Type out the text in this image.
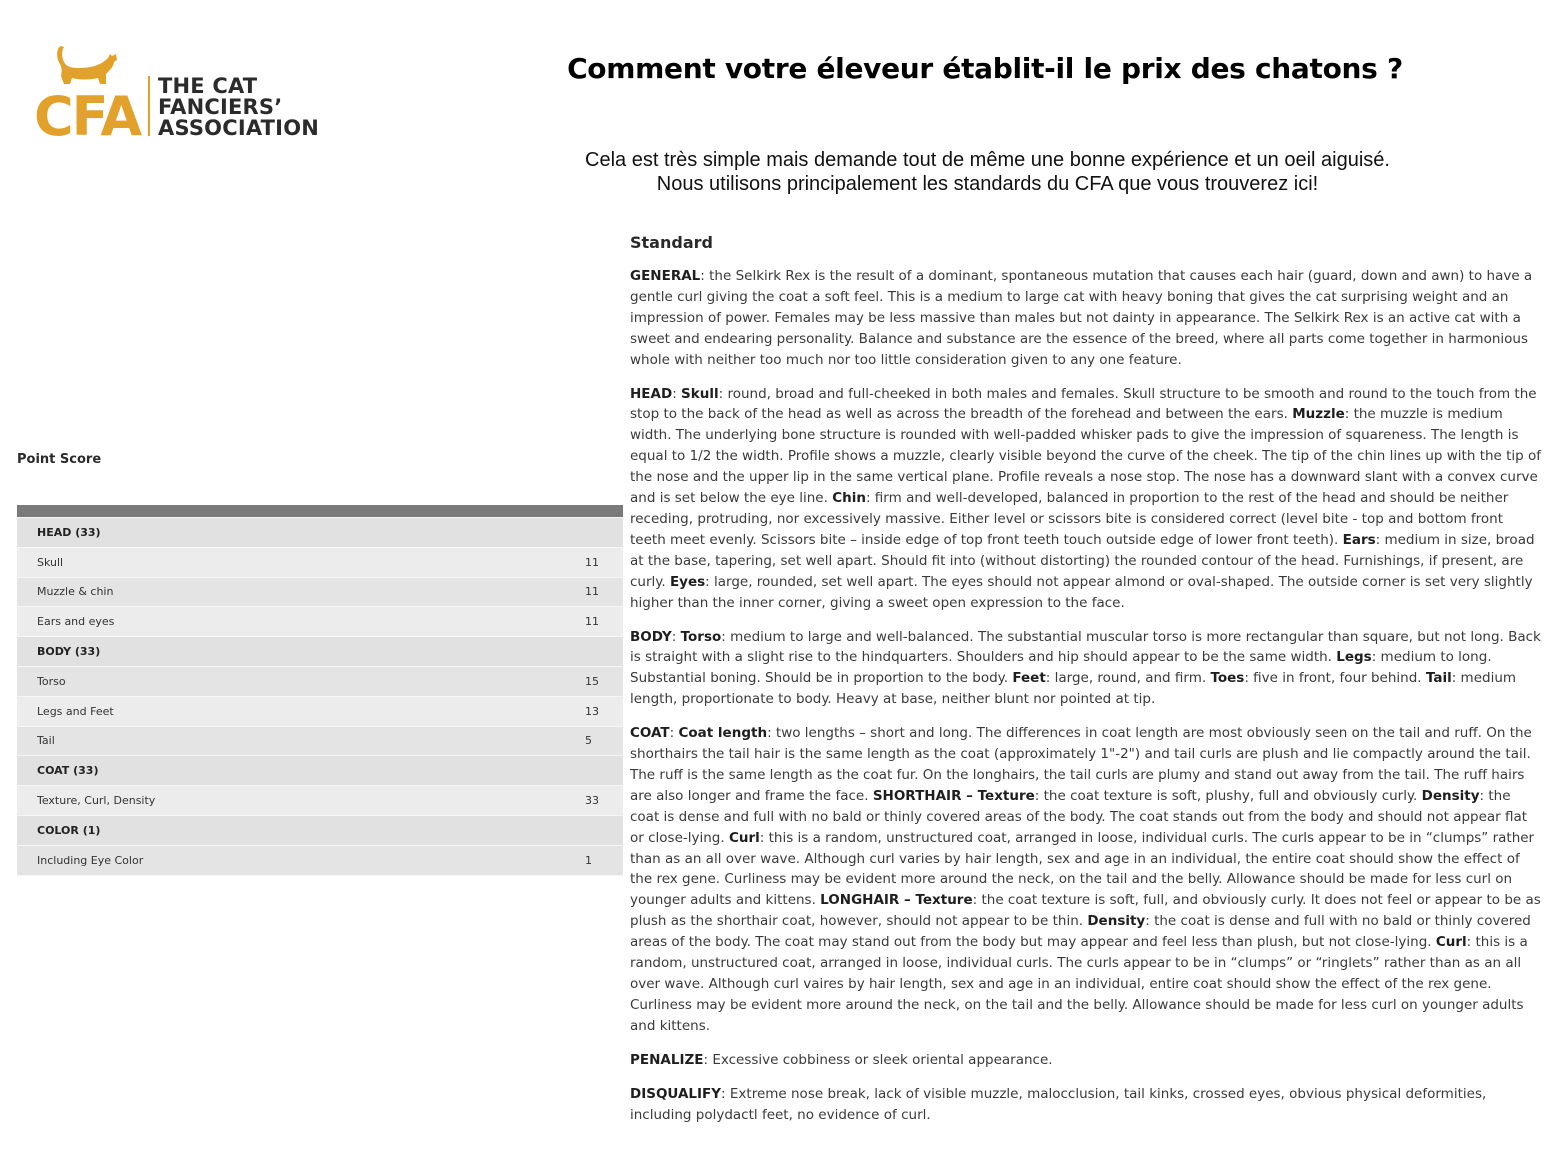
CFA THE CAT
FANCIERS’
ASSOCIATION
Comment votre éleveur établit-il le prix des chatons ?

Cela est très simple mais demande tout de même une bonne expérience et un oeil aiguisé. Nous utilisons principalement les standards du CFA que vous trouverez ici!

Point Score

HEAD (33)	
Skull	11
Muzzle & chin	11
Ears and eyes	11
BODY (33)	
Torso	15
Legs and Feet	13
Tail	5
COAT (33)	
Texture, Curl, Density	33
COLOR (1)	
Including Eye Color	1
Standard

GENERAL: the Selkirk Rex is the result of a dominant, spontaneous mutation that causes each hair (guard, down and awn) to have a gentle curl giving the coat a soft feel. This is a medium to large cat with heavy boning that gives the cat surprising weight and an impression of power. Females may be less massive than males but not dainty in appearance. The Selkirk Rex is an active cat with a sweet and endearing personality. Balance and substance are the essence of the breed, where all parts come together in harmonious whole with neither too much nor too little consideration given to any one feature.

HEAD: Skull: round, broad and full-cheeked in both males and females. Skull structure to be smooth and round to the touch from the stop to the back of the head as well as across the breadth of the forehead and between the ears. Muzzle: the muzzle is medium width. The underlying bone structure is rounded with well-padded whisker pads to give the impression of squareness. The length is equal to 1/2 the width. Profile shows a muzzle, clearly visible beyond the curve of the cheek. The tip of the chin lines up with the tip of the nose and the upper lip in the same vertical plane. Profile reveals a nose stop. The nose has a downward slant with a convex curve and is set below the eye line. Chin: firm and well-developed, balanced in proportion to the rest of the head and should be neither receding, protruding, nor excessively massive. Either level or scissors bite is considered correct (level bite - top and bottom front teeth meet evenly. Scissors bite – inside edge of top front teeth touch outside edge of lower front teeth). Ears: medium in size, broad at the base, tapering, set well apart. Should fit into (without distorting) the rounded contour of the head. Furnishings, if present, are curly. Eyes: large, rounded, set well apart. The eyes should not appear almond or oval-shaped. The outside corner is set very slightly higher than the inner corner, giving a sweet open expression to the face.

BODY: Torso: medium to large and well-balanced. The substantial muscular torso is more rectangular than square, but not long. Back is straight with a slight rise to the hindquarters. Shoulders and hip should appear to be the same width. Legs: medium to long. Substantial boning. Should be in proportion to the body. Feet: large, round, and firm. Toes: five in front, four behind. Tail: medium length, proportionate to body. Heavy at base, neither blunt nor pointed at tip.

COAT: Coat length: two lengths – short and long. The differences in coat length are most obviously seen on the tail and ruff. On the shorthairs the tail hair is the same length as the coat (approximately 1"-2") and tail curls are plush and lie compactly around the tail. The ruff is the same length as the coat fur. On the longhairs, the tail curls are plumy and stand out away from the tail. The ruff hairs are also longer and frame the face. SHORTHAIR – Texture: the coat texture is soft, plushy, full and obviously curly. Density: the coat is dense and full with no bald or thinly covered areas of the body. The coat stands out from the body and should not appear flat or close-lying. Curl: this is a random, unstructured coat, arranged in loose, individual curls. The curls appear to be in “clumps” rather than as an all over wave. Although curl varies by hair length, sex and age in an individual, the entire coat should show the effect of the rex gene. Curliness may be evident more around the neck, on the tail and the belly. Allowance should be made for less curl on younger adults and kittens. LONGHAIR – Texture: the coat texture is soft, full, and obviously curly. It does not feel or appear to be as plush as the shorthair coat, however, should not appear to be thin. Density: the coat is dense and full with no bald or thinly covered areas of the body. The coat may stand out from the body but may appear and feel less than plush, but not close-lying. Curl: this is a random, unstructured coat, arranged in loose, individual curls. The curls appear to be in “clumps” or “ringlets” rather than as an all over wave. Although curl vaires by hair length, sex and age in an individual, entire coat should show the effect of the rex gene. Curliness may be evident more around the neck, on the tail and the belly. Allowance should be made for less curl on younger adults and kittens.

PENALIZE: Excessive cobbiness or sleek oriental appearance.

DISQUALIFY: Extreme nose break, lack of visible muzzle, malocclusion, tail kinks, crossed eyes, obvious physical deformities, including polydactl feet, no evidence of curl.
